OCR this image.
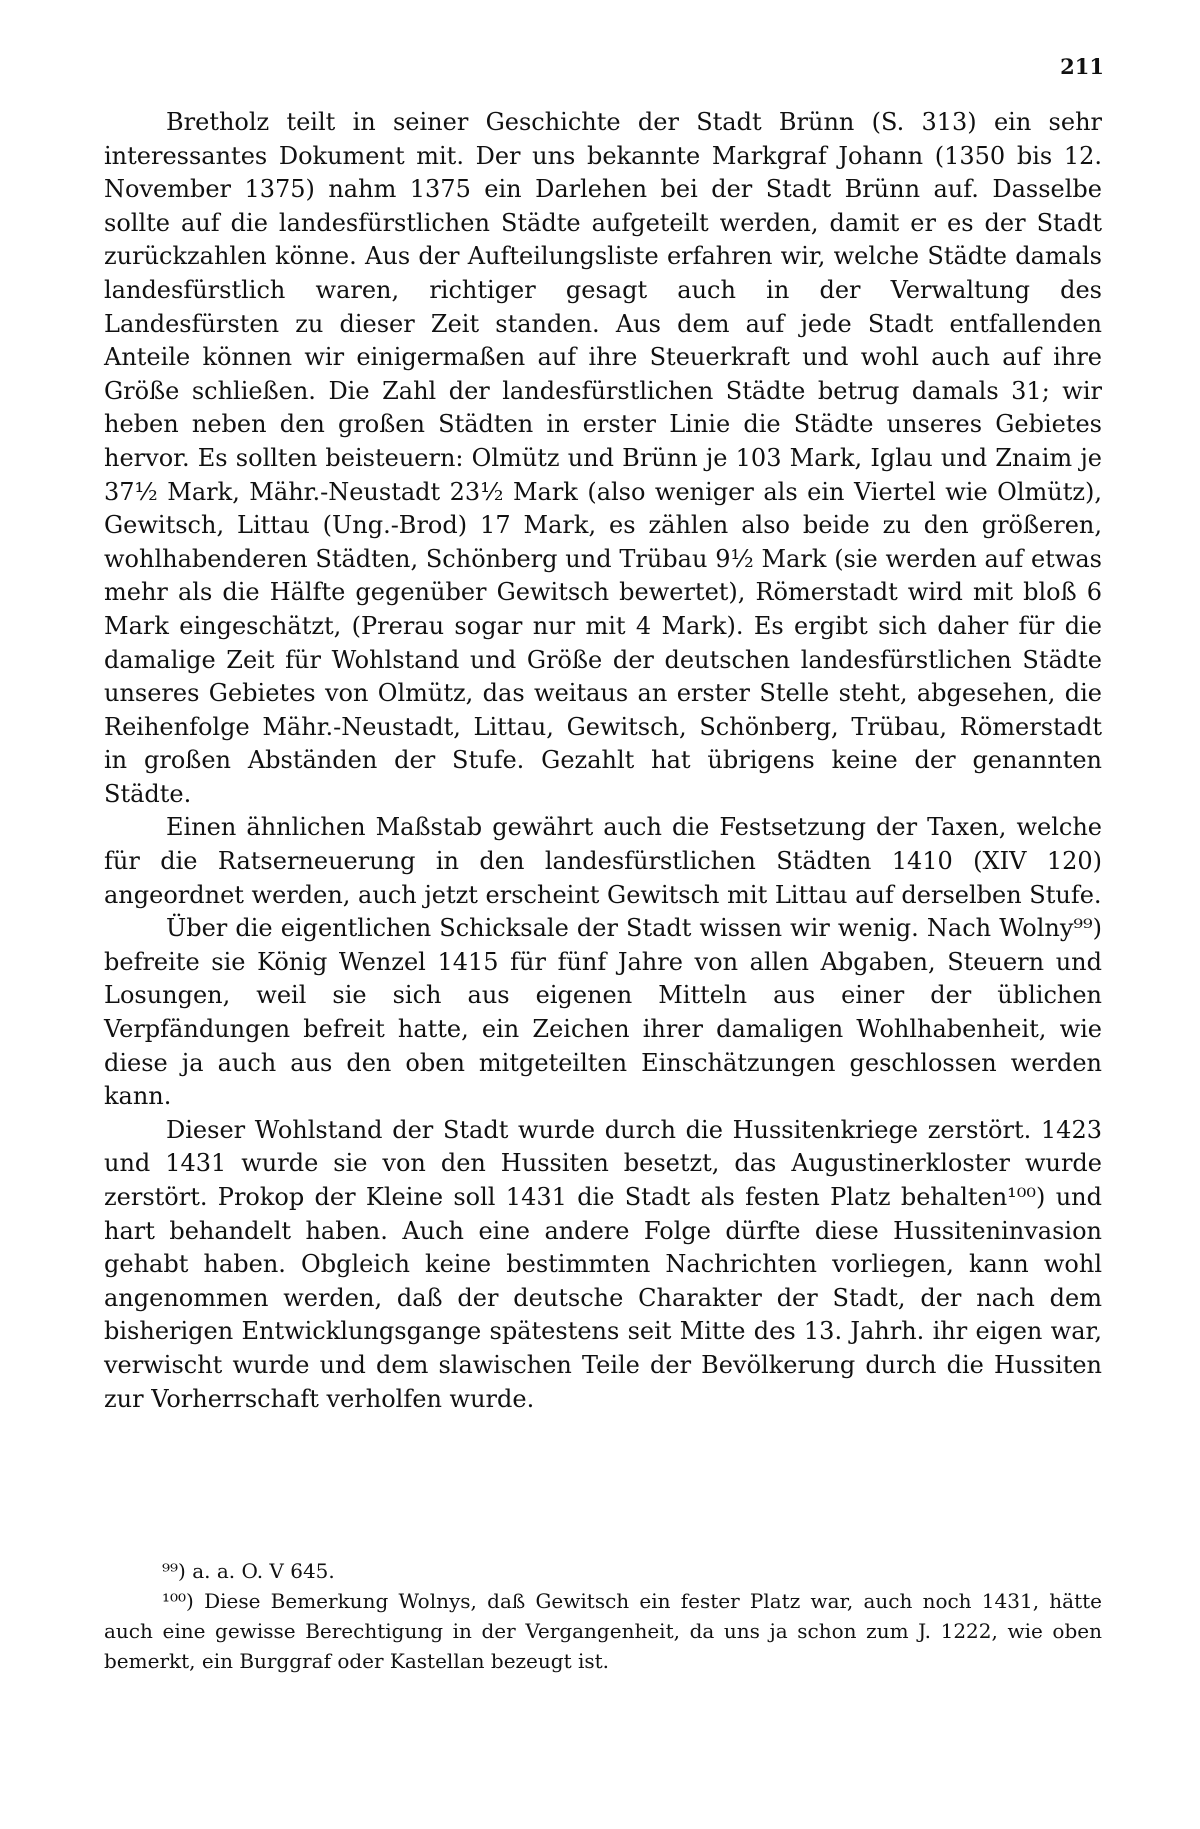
211

Bretholz teilt in seiner Geschichte der Stadt Brünn (S. 313) ein sehr interessantes Dokument mit. Der uns bekannte Markgraf Johann (1350 bis 12. November 1375) nahm 1375 ein Darlehen bei der Stadt Brünn auf. Dasselbe sollte auf die landesfürstlichen Städte aufgeteilt werden, damit er es der Stadt zurückzahlen könne. Aus der Aufteilungsliste erfahren wir, welche Städte damals landesfürstlich waren, richtiger gesagt auch in der Verwaltung des Landesfürsten zu dieser Zeit standen. Aus dem auf jede Stadt entfallenden Anteile können wir einigermaßen auf ihre Steuerkraft und wohl auch auf ihre Größe schließen. Die Zahl der landesfürstlichen Städte betrug damals 31; wir heben neben den großen Städten in erster Linie die Städte unseres Gebietes hervor. Es sollten beisteuern: Olmütz und Brünn je 103 Mark, Iglau und Znaim je 37½ Mark, Mähr.-Neustadt 23½ Mark (also weniger als ein Viertel wie Olmütz), Gewitsch, Littau (Ung.-Brod) 17 Mark, es zählen also beide zu den größeren, wohlhabenderen Städten, Schönberg und Trübau 9½ Mark (sie werden auf etwas mehr als die Hälfte gegenüber Gewitsch bewertet), Römerstadt wird mit bloß 6 Mark eingeschätzt, (Prerau sogar nur mit 4 Mark). Es ergibt sich daher für die damalige Zeit für Wohlstand und Größe der deutschen landesfürstlichen Städte unseres Gebietes von Olmütz, das weitaus an erster Stelle steht, abgesehen, die Reihenfolge Mähr.-Neustadt, Littau, Gewitsch, Schönberg, Trübau, Römerstadt in großen Abständen der Stufe. Gezahlt hat übrigens keine der genannten Städte.

Einen ähnlichen Maßstab gewährt auch die Festsetzung der Taxen, welche für die Ratserneuerung in den landesfürstlichen Städten 1410 (XIV 120) angeordnet werden, auch jetzt erscheint Gewitsch mit Littau auf derselben Stufe.

Über die eigentlichen Schicksale der Stadt wissen wir wenig. Nach Wolny⁹⁹) befreite sie König Wenzel 1415 für fünf Jahre von allen Abgaben, Steuern und Losungen, weil sie sich aus eigenen Mitteln aus einer der üblichen Verpfändungen befreit hatte, ein Zeichen ihrer damaligen Wohlhabenheit, wie diese ja auch aus den oben mitgeteilten Einschätzungen geschlossen werden kann.

Dieser Wohlstand der Stadt wurde durch die Hussitenkriege zerstört. 1423 und 1431 wurde sie von den Hussiten besetzt, das Augustinerkloster wurde zerstört. Prokop der Kleine soll 1431 die Stadt als festen Platz behalten¹⁰⁰) und hart behandelt haben. Auch eine andere Folge dürfte diese Hussiteninvasion gehabt haben. Obgleich keine bestimmten Nachrichten vorliegen, kann wohl angenommen werden, daß der deutsche Charakter der Stadt, der nach dem bisherigen Entwicklungsgange spätestens seit Mitte des 13. Jahrh. ihr eigen war, verwischt wurde und dem slawischen Teile der Bevölkerung durch die Hussiten zur Vorherrschaft verholfen wurde.

⁹⁹) a. a. O. V 645.

¹⁰⁰) Diese Bemerkung Wolnys, daß Gewitsch ein fester Platz war, auch noch 1431, hätte auch eine gewisse Berechtigung in der Vergangenheit, da uns ja schon zum J. 1222, wie oben bemerkt, ein Burggraf oder Kastellan bezeugt ist.
